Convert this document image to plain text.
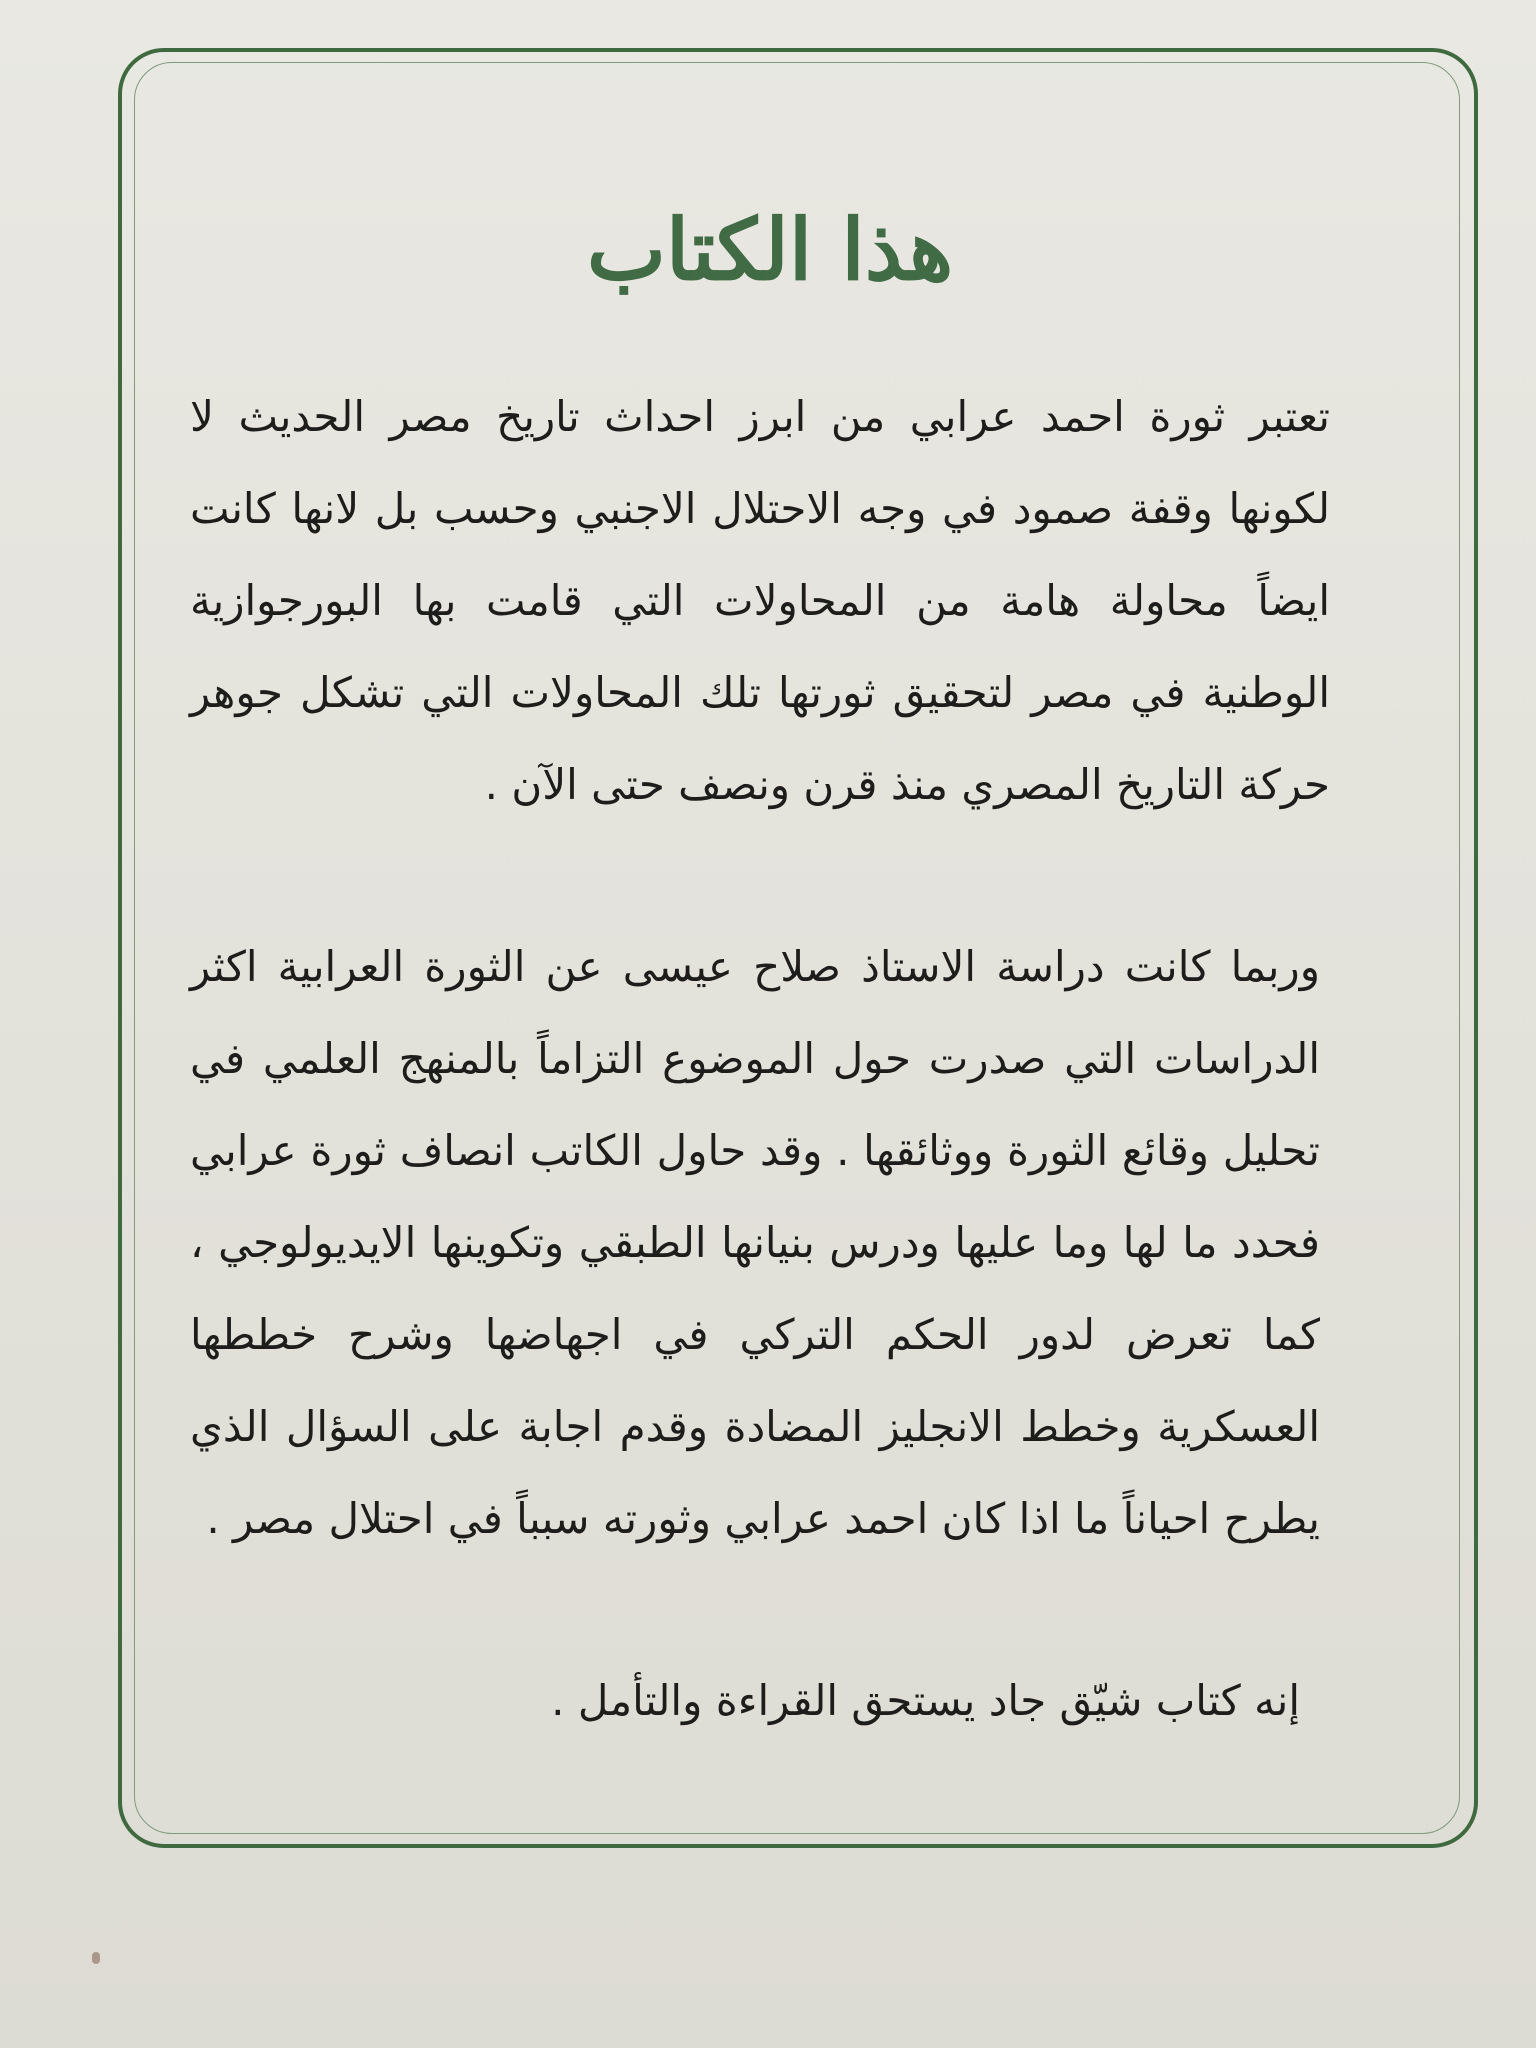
هذا الكتاب

تعتبر ثورة احمد عرابي من ابرز احداث تاريخ مصر الحديث لا لكونها وقفة صمود في وجه الاحتلال الاجنبي وحسب بل لانها كانت ايضاً محاولة هامة من المحاولات التي قامت بها البورجوازية الوطنية في مصر لتحقيق ثورتها تلك المحاولات التي تشكل جوهر حركة التاريخ المصري منذ قرن ونصف حتى الآن .

وربما كانت دراسة الاستاذ صلاح عيسى عن الثورة العرابية اكثر الدراسات التي صدرت حول الموضوع التزاماً بالمنهج العلمي في تحليل وقائع الثورة ووثائقها . وقد حاول الكاتب انصاف ثورة عرابي فحدد ما لها وما عليها ودرس بنيانها الطبقي وتكوينها الايديولوجي ، كما تعرض لدور الحكم التركي في اجهاضها وشرح خططها العسكرية وخطط الانجليز المضادة وقدم اجابة على السؤال الذي يطرح احياناً ما اذا كان احمد عرابي وثورته سبباً في احتلال مصر .

إنه كتاب شيّق جاد يستحق القراءة والتأمل .
